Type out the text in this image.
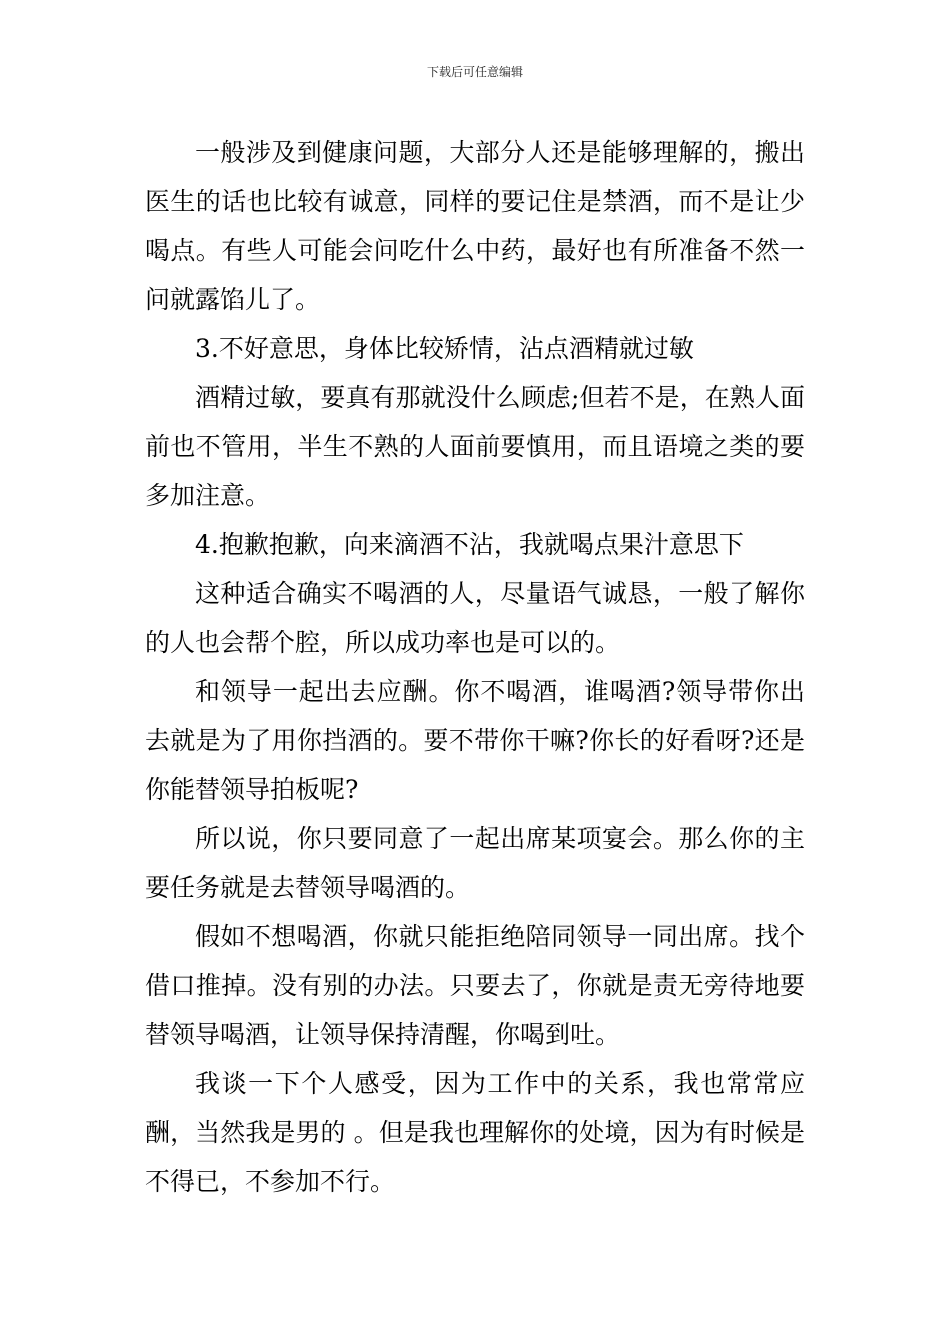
下载后可任意编辑

一般涉及到健康问题，大部分人还是能够理解的，搬出医生的话也比较有诚意，同样的要记住是禁酒，而不是让少喝点。有些人可能会问吃什么中药，最好也有所准备不然一问就露馅儿了。

3.不好意思，身体比较矫情，沾点酒精就过敏

酒精过敏，要真有那就没什么顾虑;但若不是，在熟人面前也不管用，半生不熟的人面前要慎用，而且语境之类的要多加注意。

4.抱歉抱歉，向来滴酒不沾，我就喝点果汁意思下

这种适合确实不喝酒的人，尽量语气诚恳，一般了解你的人也会帮个腔，所以成功率也是可以的。

和领导一起出去应酬。你不喝酒，谁喝酒?领导带你出去就是为了用你挡酒的。要不带你干嘛?你长的好看呀?还是你能替领导拍板呢?

所以说，你只要同意了一起出席某项宴会。那么你的主要任务就是去替领导喝酒的。

假如不想喝酒，你就只能拒绝陪同领导一同出席。找个借口推掉。没有别的办法。只要去了，你就是责无旁待地要替领导喝酒，让领导保持清醒，你喝到吐。

我谈一下个人感受，因为工作中的关系，我也常常应酬，当然我是男的 。但是我也理解你的处境，因为有时候是不得已，不参加不行。
